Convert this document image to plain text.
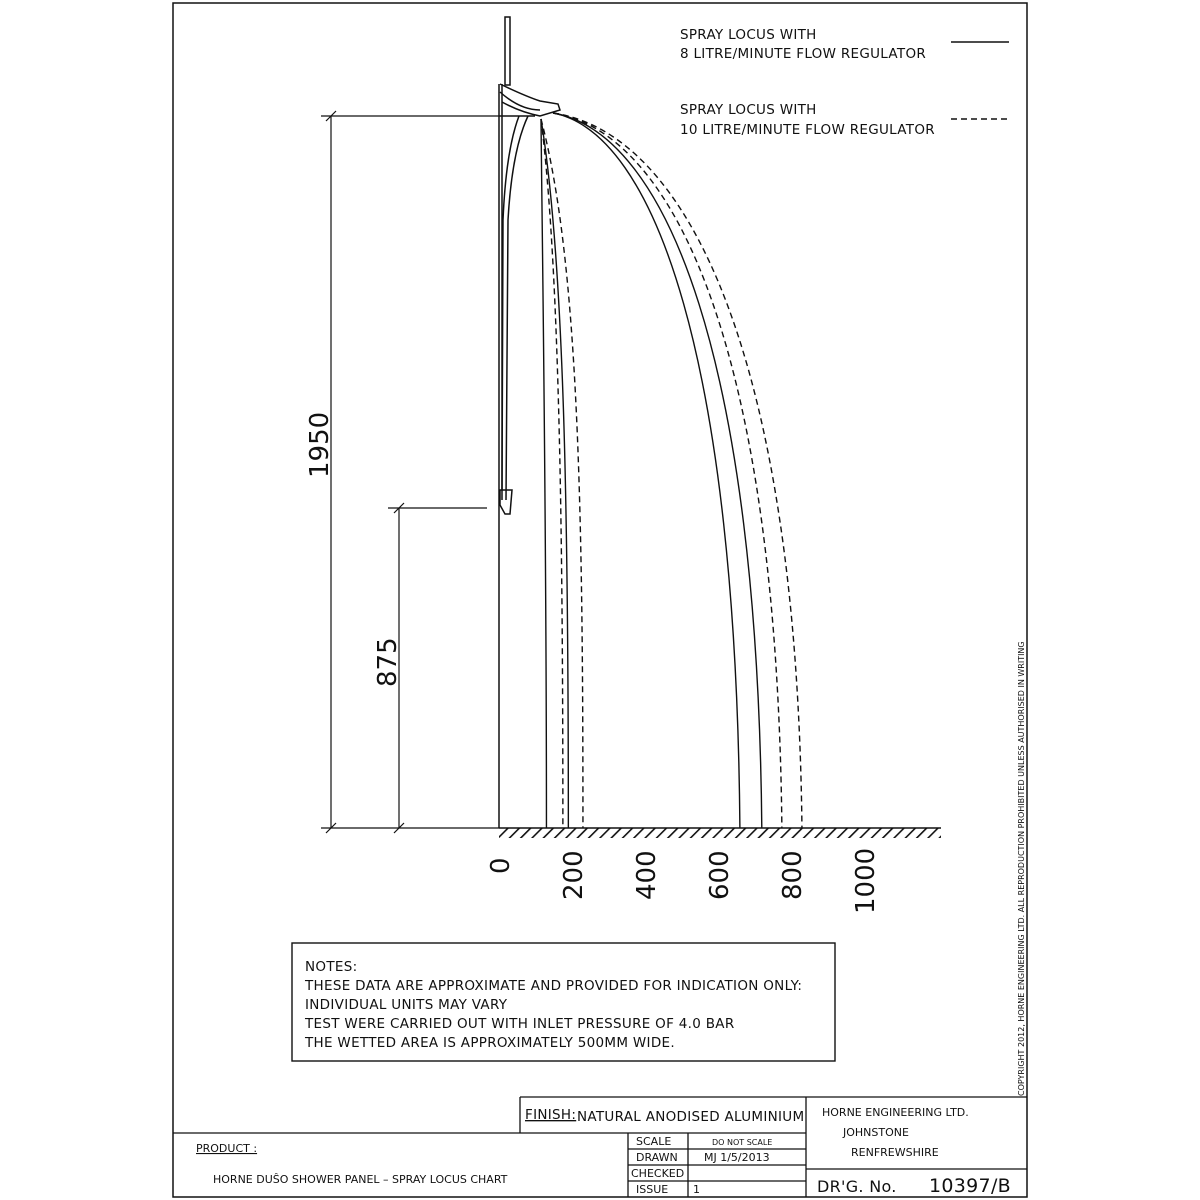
SPRAY LOCUS WITH
8 LITRE/MINUTE FLOW REGULATOR
SPRAY LOCUS WITH
10 LITRE/MINUTE FLOW REGULATOR
1950
875
0 200 400 600 800 1000
NOTES:
THESE DATA ARE APPROXIMATE AND PROVIDED FOR INDICATION ONLY:
INDIVIDUAL UNITS MAY VARY
TEST WERE CARRIED OUT WITH INLET PRESSURE OF 4.0 BAR
THE WETTED AREA IS APPROXIMATELY 500MM WIDE.	COPYRIGHT 2012, HORNE ENGINEERING LTD. ALL REPRODUCTION PROHIBITED UNLESS AUTHORISED IN WRITING
FINISH: NATURAL ANODISED ALUMINIUM HORNE ENGINEERING LTD.
JOHNSTONE
RENFREWSHIRE
PRODUCT :
HORNE DUŜO SHOWER PANEL – SPRAY LOCUS CHART
SCALE	DO NOT SCALE
DRAWN MJ 1/5/2013
CHECKED
ISSUE 1	DR'G. No. 10397/B
